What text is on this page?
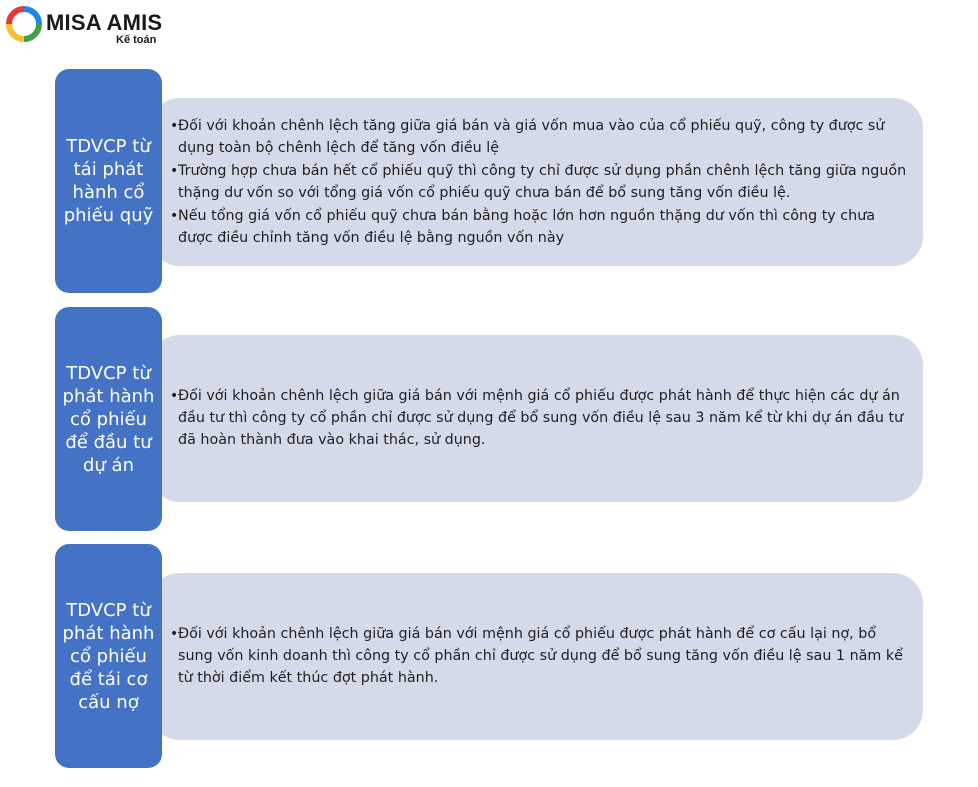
MISA AMIS
Kế toán
TDVCP từ tái phát hành cổ phiếu quỹ
• Đối với khoản chênh lệch tăng giữa giá bán và giá vốn mua vào của cổ phiếu quỹ, công ty được sử dụng toàn bộ chênh lệch để tăng vốn điều lệ
• Trường hợp chưa bán hết cổ phiếu quỹ thì công ty chỉ được sử dụng phần chênh lệch tăng giữa nguồn thặng dư vốn so với tổng giá vốn cổ phiếu quỹ chưa bán để bổ sung tăng vốn điều lệ.
• Nếu tổng giá vốn cổ phiếu quỹ chưa bán bằng hoặc lớn hơn nguồn thặng dư vốn thì công ty chưa được điều chỉnh tăng vốn điều lệ bằng nguồn vốn này
TDVCP từ phát hành cổ phiếu để đầu tư dự án
• Đối với khoản chênh lệch giữa giá bán với mệnh giá cổ phiếu được phát hành để thực hiện các dự án đầu tư thì công ty cổ phần chỉ được sử dụng để bổ sung vốn điều lệ sau 3 năm kể từ khi dự án đầu tư đã hoàn thành đưa vào khai thác, sử dụng.
TDVCP từ phát hành cổ phiếu để tái cơ cấu nợ
• Đối với khoản chênh lệch giữa giá bán với mệnh giá cổ phiếu được phát hành để cơ cấu lại nợ, bổ sung vốn kinh doanh thì công ty cổ phần chỉ được sử dụng để bổ sung tăng vốn điều lệ sau 1 năm kể từ thời điểm kết thúc đợt phát hành.
